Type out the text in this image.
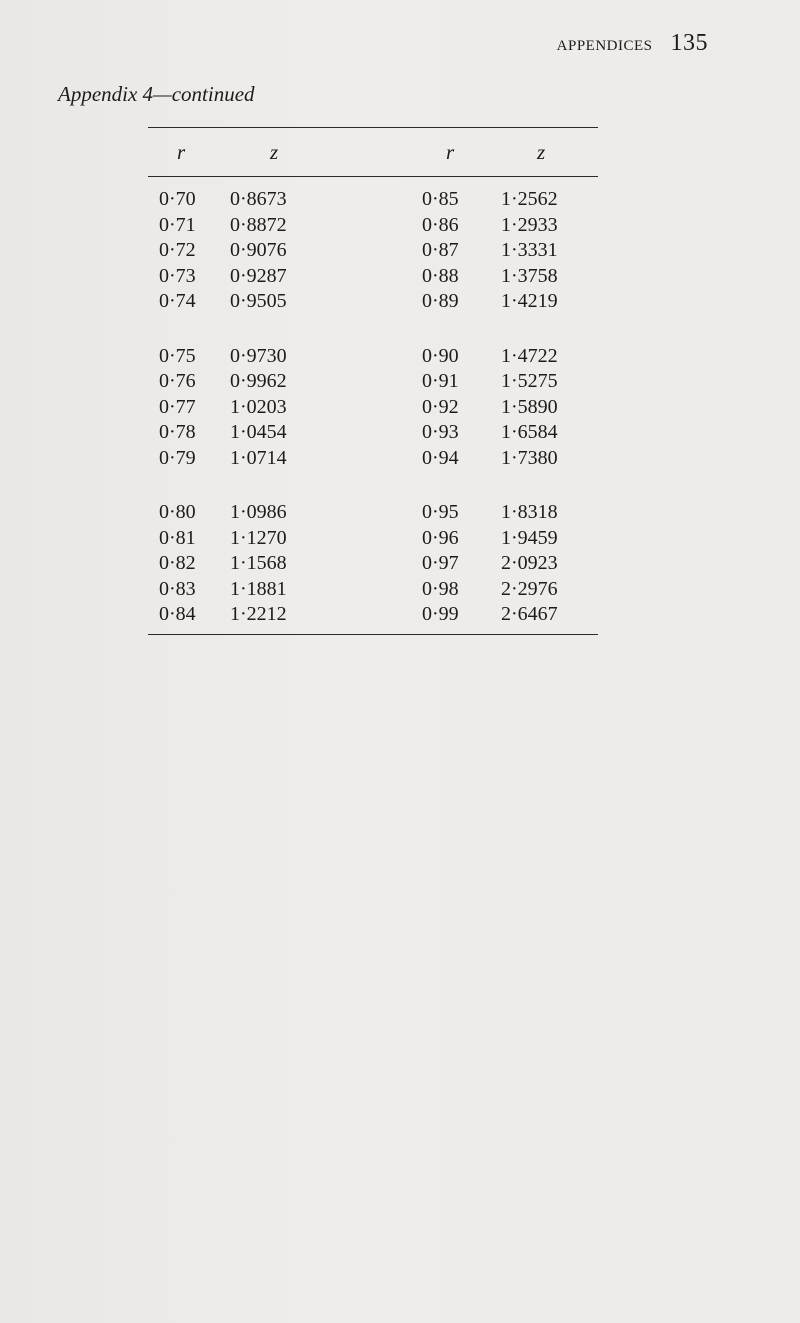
appendices 135
Appendix 4—continued
r	z	r	z
0·70 0·8673	0·85 1·2562
0·71 0·8872	0·86 1·2933
0·72 0·9076	0·87 1·3331
0·73 0·9287	0·88 1·3758
0·74 0·9505	0·89 1·4219
0·75 0·9730	0·90 1·4722
0·76 0·9962	0·91 1·5275
0·77 1·0203	0·92 1·5890
0·78 1·0454	0·93 1·6584
0·79 1·0714	0·94 1·7380
0·80 1·0986	0·95 1·8318
0·81 1·1270	0·96 1·9459
0·82 1·1568	0·97 2·0923
0·83 1·1881	0·98 2·2976
0·84 1·2212	0·99 2·6467
